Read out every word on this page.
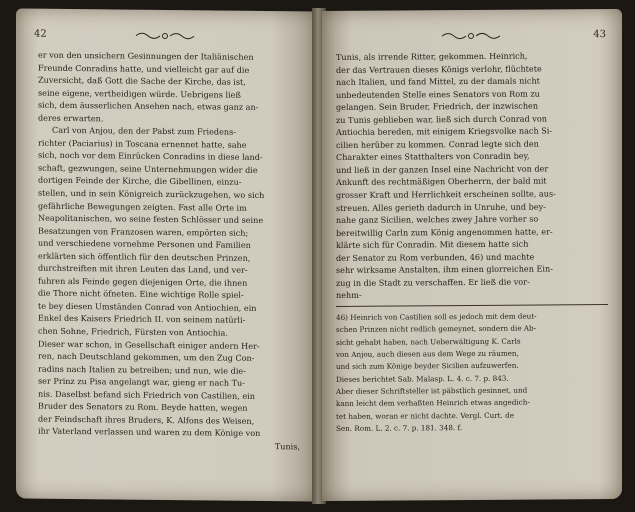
42
er von den unsichern Gesinnungen der Italiänischen
Freunde Conradins hatte, und vielleicht gar auf die
Zuversicht, daß Gott die Sache der Kirche, das ist,
seine eigene, vertheidigen würde. Uebrigens ließ
sich, dem äusserlichen Ansehen nach, etwas ganz an-
deres erwarten.
Carl von Anjou, den der Pabst zum Friedens-
richter (Paciarius) in Toscana ernennet hatte, sahe
sich, noch vor dem Einrücken Conradins in diese land-
schaft, gezwungen, seine Unternehmungen wider die
dortigen Feinde der Kirche, die Gibellinen, einzu-
stellen, und in sein Königreich zurückzugehen, wo sich
gefährliche Bewegungen zeigten. Fast alle Orte im
Neapolitanischen, wo seine festen Schlösser und seine
Besatzungen von Franzosen waren, empörten sich;
und verschiedene vornehme Personen und Familien
erklärten sich öffentlich für den deutschen Prinzen,
durchstreiften mit ihren Leuten das Land, und ver-
fuhren als Feinde gegen diejenigen Orte, die ihnen
die Thore nicht öfneten. Eine wichtige Rolle spiel-
te bey diesen Umständen Conrad von Antiochien, ein
Enkel des Kaisers Friedrich II. von seinem natürli-
chen Sohne, Friedrich, Fürsten von Antiochia.
Dieser war schon, in Gesellschaft einiger andern Her-
ren, nach Deutschland gekommen, um den Zug Con-
radins nach Italien zu betreiben; und nun, wie die-
ser Prinz zu Pisa angelangt war, gieng er nach Tu-
nis. Daselbst befand sich Friedrich von Castilien, ein
Bruder des Senators zu Rom. Beyde hatten, wegen
der Feindschaft ihres Bruders, K. Alfons des Weisen,
ihr Vaterland verlassen und waren zu dem Könige von
Tunis,
43
Tunis, als irrende Ritter, gekommen. Heinrich,
der das Vertrauen dieses Königs verlohr, flüchtete
nach Italien, und fand Mittel, zu der damals nicht
unbedeutenden Stelle eines Senators von Rom zu
gelangen. Sein Bruder, Friedrich, der inzwischen
zu Tunis geblieben war, ließ sich durch Conrad von
Antiochia bereden, mit einigem Kriegsvolke nach Si-
cilien herüber zu kommen. Conrad legte sich den
Charakter eines Statthalters von Conradin bey,
und ließ in der ganzen Insel eine Nachricht von der
Ankunft des rechtmäßigen Oberherrn, der bald mit
grosser Kraft und Herrlichkeit erscheinen sollte, aus-
streuen. Alles gerieth dadurch in Unruhe, und bey-
nahe ganz Sicilien, welches zwey Jahre vorher so
bereitwillig Carln zum König angenommen hatte, er-
klärte sich für Conradin. Mit diesem hatte sich
der Senator zu Rom verbunden, 46) und machte
sehr wirksame Anstalten, ihm einen glorreichen Ein-
zug in die Stadt zu verschaffen. Er ließ die vor-
nehm-
46) Heinrich von Castilien soll es jedoch mit dem deut-
schen Prinzen nicht redlich gemeynet, sondern die Ab-
sicht gehabt haben, nach Ueberwältigung K. Carls
von Anjou, auch diesen aus dem Wege zu räumen,
und sich zum Könige beyder Sicilien aufzuwerfen.
Dieses berichtet Sab. Malasp. L. 4. c. 7. p. 843.
Aber dieser Schriftsteller ist päbstlich gesinnet, und
kann leicht dem verhaßten Heinrich etwas angedich-
tet haben, woran er nicht dachte. Vergl. Curt. de
Sen. Rom. L. 2. c. 7. p. 181. 348. f.
